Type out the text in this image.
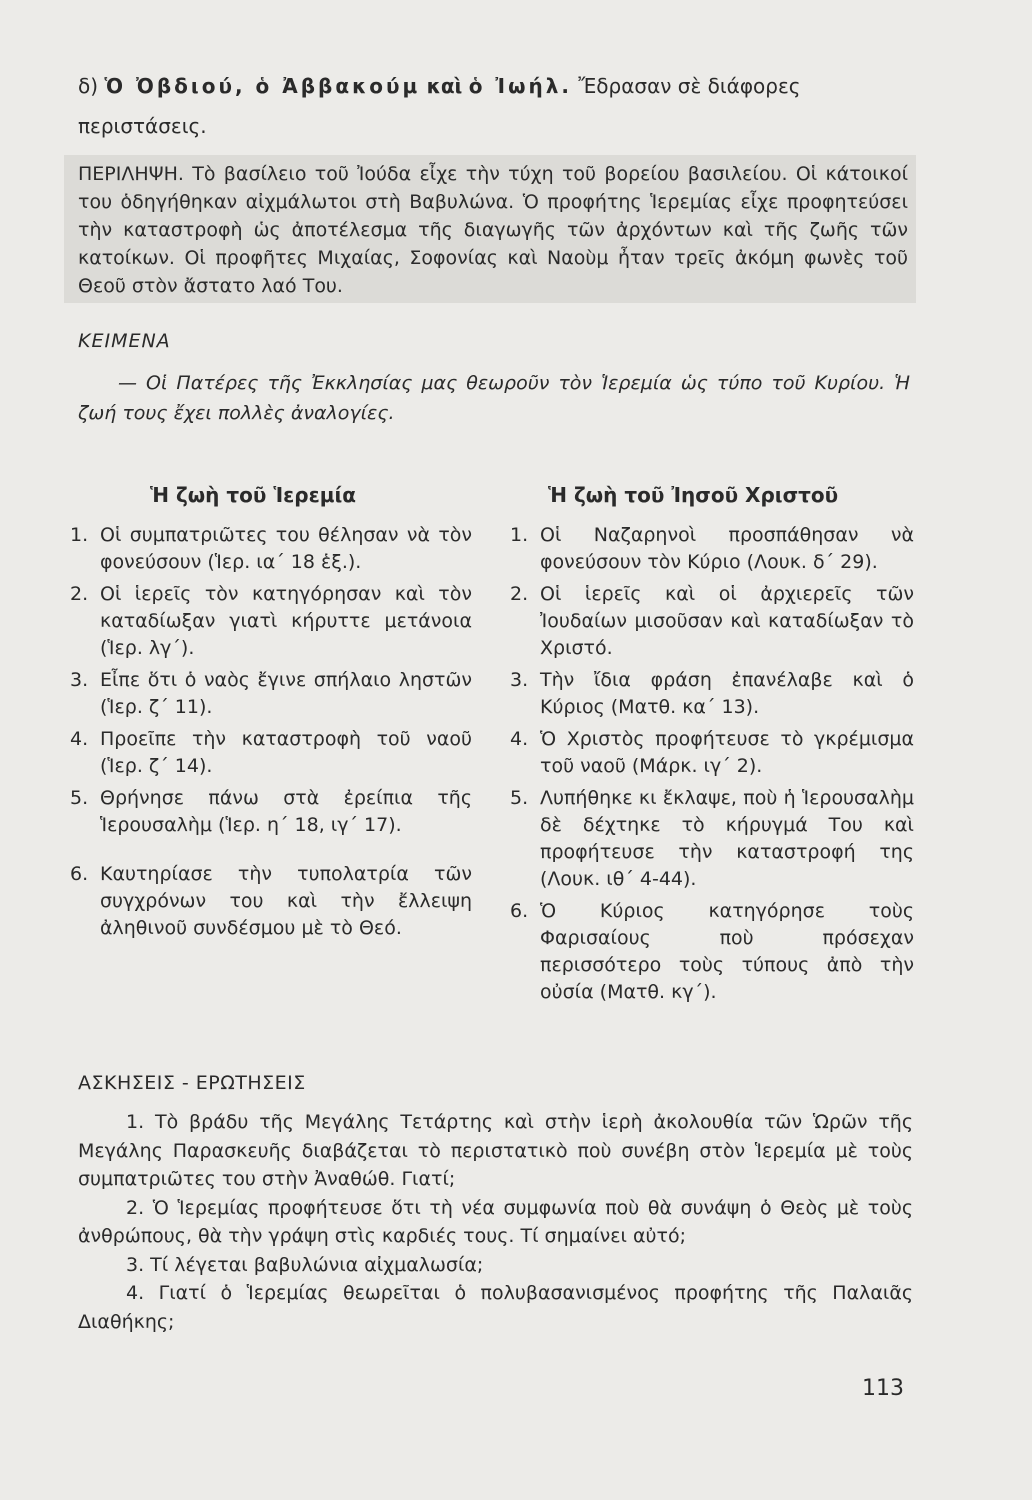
δ) Ὁ Ὀβδιού, ὁ Ἀββακούμ καὶ ὁ Ἰωήλ. Ἔδρασαν σὲ διάφορες περιστάσεις.
ΠΕΡΙΛΗΨΗ. Τὸ βασίλειο τοῦ Ἰούδα εἶχε τὴν τύχη τοῦ βορείου βασιλείου. Οἱ κάτοικοί του ὁδηγήθηκαν αἰχμάλωτοι στὴ Βαβυλώνα. Ὁ προφήτης Ἱερεμίας εἶχε προφητεύσει τὴν καταστροφὴ ὡς ἀποτέλεσμα τῆς διαγωγῆς τῶν ἀρχόντων καὶ τῆς ζωῆς τῶν κατοίκων. Οἱ προφῆτες Μιχαίας, Σοφονίας καὶ Ναοὺμ ἦταν τρεῖς ἀκόμη φωνὲς τοῦ Θεοῦ στὸν ἄστατο λαό Του.
ΚΕΙΜΕΝΑ
— Οἱ Πατέρες τῆς Ἐκκλησίας μας θεωροῦν τὸν Ἱερεμία ὡς τύπο τοῦ Κυρίου. Ἡ ζωή τους ἔχει πολλὲς ἀναλογίες.
Ἡ ζωὴ τοῦ Ἱερεμία	Ἡ ζωὴ τοῦ Ἰησοῦ Χριστοῦ
1. Οἱ συμπατριῶτες του θέλησαν νὰ τὸν φονεύσουν (Ἱερ. ια´ 18 ἑξ.).
2. Οἱ ἱερεῖς τὸν κατηγόρησαν καὶ τὸν καταδίωξαν γιατὶ κήρυττε μετάνοια (Ἱερ. λγ´).
3. Εἶπε ὅτι ὁ ναὸς ἔγινε σπήλαιο ληστῶν (Ἱερ. ζ´ 11).
4. Προεῖπε τὴν καταστροφὴ τοῦ ναοῦ (Ἱερ. ζ´ 14).
5. Θρήνησε πάνω στὰ ἐρείπια τῆς Ἱερουσαλὴμ (Ἱερ. η´ 18, ιγ´ 17).
6. Καυτηρίασε τὴν τυπολατρία τῶν συγχρόνων του καὶ τὴν ἔλλειψη ἀληθινοῦ συνδέσμου μὲ τὸ Θεό.
1. Οἱ Ναζαρηνοὶ προσπάθησαν νὰ φονεύσουν τὸν Κύριο (Λουκ. δ´ 29).
2. Οἱ ἱερεῖς καὶ οἱ ἀρχιερεῖς τῶν Ἰουδαίων μισοῦσαν καὶ καταδίωξαν τὸ Χριστό.
3. Τὴν ἴδια φράση ἐπανέλαβε καὶ ὁ Κύριος (Ματθ. κα´ 13).
4. Ὁ Χριστὸς προφήτευσε τὸ γκρέμισμα τοῦ ναοῦ (Μάρκ. ιγ´ 2).
5. Λυπήθηκε κι ἔκλαψε, ποὺ ἡ Ἱερουσαλὴμ δὲ δέχτηκε τὸ κήρυγμά Του καὶ προφήτευσε τὴν καταστροφή της (Λουκ. ιθ´ 4-44).
6. Ὁ Κύριος κατηγόρησε τοὺς Φαρισαίους ποὺ πρόσεχαν περισσότερο τοὺς τύπους ἀπὸ τὴν οὐσία (Ματθ. κγ´).
ΑΣΚΗΣΕΙΣ - ΕΡΩΤΗΣΕΙΣ

1. Τὸ βράδυ τῆς Μεγάλης Τετάρτης καὶ στὴν ἱερὴ ἀκολουθία τῶν Ὡρῶν τῆς Μεγάλης Παρασκευῆς διαβάζεται τὸ περιστατικὸ ποὺ συνέβη στὸν Ἱερεμία μὲ τοὺς συμπατριῶτες του στὴν Ἀναθώθ. Γιατί;

2. Ὁ Ἱερεμίας προφήτευσε ὅτι τὴ νέα συμφωνία ποὺ θὰ συνάψη ὁ Θεὸς μὲ τοὺς ἀνθρώπους, θὰ τὴν γράψη στὶς καρδιές τους. Τί σημαίνει αὐτό;

3. Τί λέγεται βαβυλώνια αἰχμαλωσία;

4. Γιατί ὁ Ἱερεμίας θεωρεῖται ὁ πολυβασανισμένος προφήτης τῆς Παλαιᾶς Διαθήκης;

113
